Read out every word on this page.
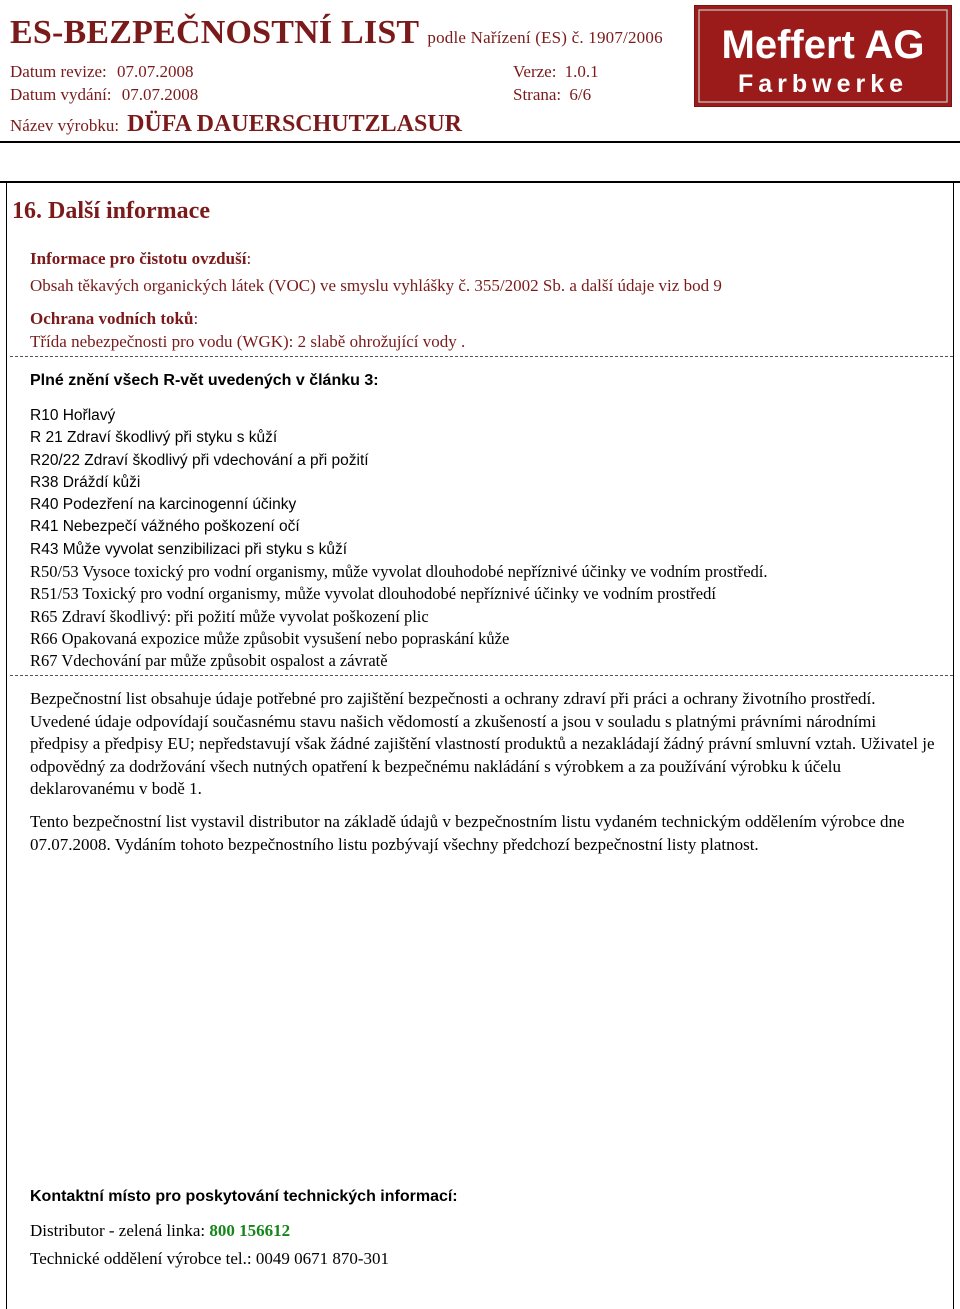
ES-BEZPEČNOSTNÍ LIST podle Nařízení (ES) č. 1907/2006
Datum revize: 07.07.2008	Verze: 1.0.1
Datum vydání: 07.07.2008	Strana: 6/6
Název výrobku: DÜFA DAUERSCHUTZLASUR
Meffert AG
Farbwerke
16. Další informace
Informace pro čistotu ovzduší:
Obsah těkavých organických látek (VOC) ve smyslu vyhlášky č. 355/2002 Sb. a další údaje viz bod 9
Ochrana vodních toků:
Třída nebezpečnosti pro vodu (WGK): 2 slabě ohrožující vody .
Plné znění všech R-vět uvedených v článku 3:
R10 Hořlavý
R 21 Zdraví škodlivý při styku s kůží
R20/22 Zdraví škodlivý při vdechování a při požití
R38 Dráždí kůži
R40 Podezření na karcinogenní účinky
R41 Nebezpečí vážného poškození očí
R43 Může vyvolat senzibilizaci při styku s kůží
R50/53 Vysoce toxický pro vodní organismy, může vyvolat dlouhodobé nepříznivé účinky ve vodním prostředí.
R51/53 Toxický pro vodní organismy, může vyvolat dlouhodobé nepříznivé účinky ve vodním prostředí
R65 Zdraví škodlivý: při požití může vyvolat poškození plic
R66 Opakovaná expozice může způsobit vysušení nebo popraskání kůže
R67 Vdechování par může způsobit ospalost a závratě
Bezpečnostní list obsahuje údaje potřebné pro zajištění bezpečnosti a ochrany zdraví při práci a ochrany životního prostředí. Uvedené údaje odpovídají současnému stavu našich vědomostí a zkušeností a jsou v souladu s platnými právními národními předpisy a předpisy EU; nepředstavují však žádné zajištění vlastností produktů a nezakládají žádný právní smluvní vztah. Uživatel je odpovědný za dodržování všech nutných opatření k bezpečnému nakládání s výrobkem a za používání výrobku k účelu deklarovanému v bodě 1.
Tento bezpečnostní list vystavil distributor na základě údajů v bezpečnostním listu vydaném technickým oddělením výrobce dne 07.07.2008. Vydáním tohoto bezpečnostního listu pozbývají všechny předchozí bezpečnostní listy platnost.
Kontaktní místo pro poskytování technických informací:
Distributor - zelená linka: 800 156612
Technické oddělení výrobce tel.: 0049 0671 870-301
